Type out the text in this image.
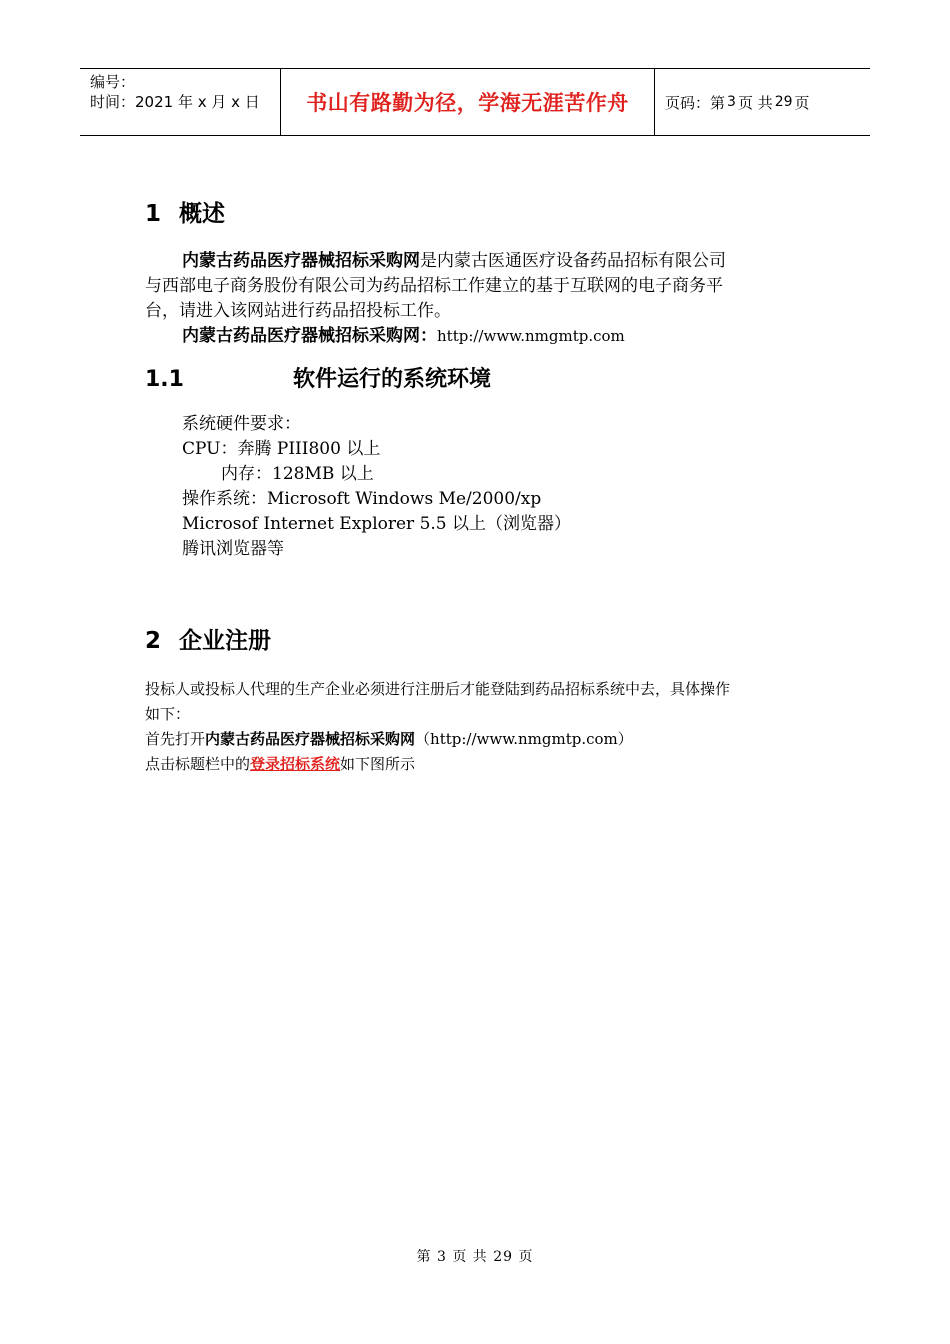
编号：
时间：2021 年 x 月 x 日	书山有路勤为径，学海无涯苦作舟 页码：第 3 页 共 29 页
1 概述
内蒙古药品医疗器械招标采购网是内蒙古医通医疗设备药品招标有限公司
与西部电子商务股份有限公司为药品招标工作建立的基于互联网的电子商务平
台，请进入该网站进行药品招投标工作。
内蒙古药品医疗器械招标采购网：http://www.nmgmtp.com
1.1	软件运行的系统环境
系统硬件要求：
CPU：奔腾 PIII800 以上
内存：128MB 以上
操作系统：Microsoft Windows Me/2000/xp
Microsof Internet Explorer 5.5 以上（浏览器）
腾讯浏览器等
2 企业注册
投标人或投标人代理的生产企业必须进行注册后才能登陆到药品招标系统中去，具体操作
如下：
首先打开内蒙古药品医疗器械招标采购网（http://www.nmgmtp.com）
点击标题栏中的登录招标系统如下图所示
第 3 页 共 29 页
